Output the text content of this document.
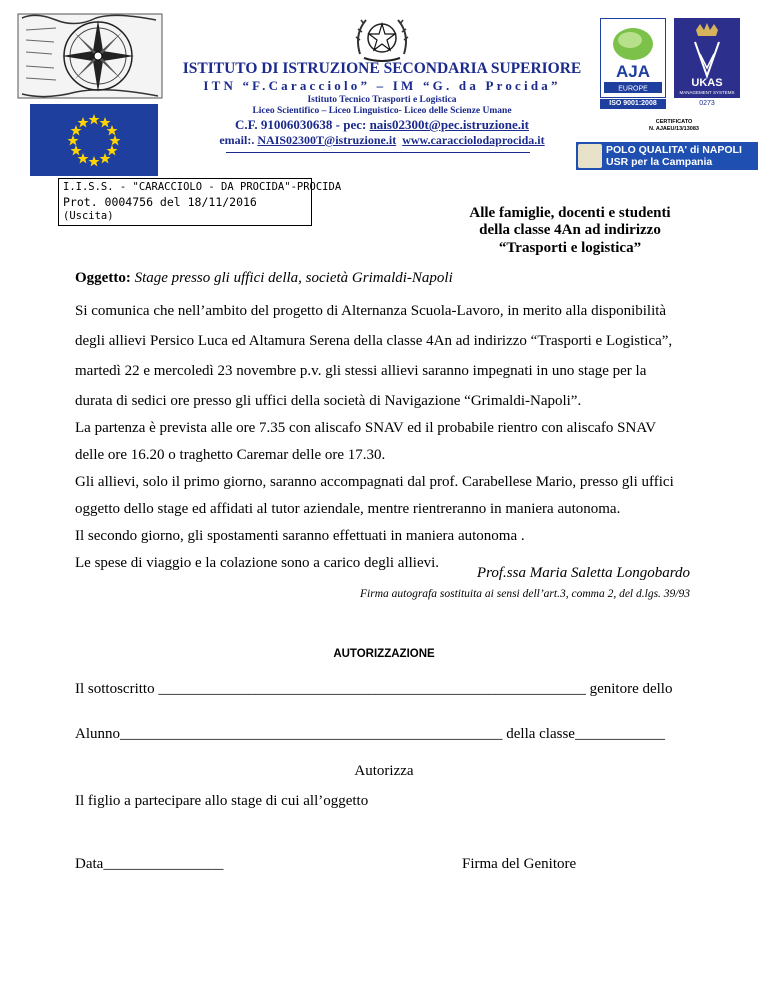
ISTITUTO DI ISTRUZIONE SECONDARIA SUPERIORE
ITN “F.Caracciolo” – IM “G. da Procida”
Istituto Tecnico Trasporti e Logistica
Liceo Scientifico – Liceo Linguistico- Liceo delle Scienze Umane
C.F. 91006030638 - pec: nais02300t@pec.istruzione.it
email:. NAIS02300T@istruzione.it www.caracciolodaprocida.it
AJA
EUROPE
ISO 9001:2008
UKAS
MANAGEMENT SYSTEMS
0273
CERTIFICATO
N. AJAEU/13/13083
POLO QUALITA' di NAPOLI
USR per la Campania
I.I.S.S. - "CARACCIOLO - DA PROCIDA"-PROCIDA
Prot. 0004756 del 18/11/2016
(Uscita)	Alle famiglie, docenti e studenti
della classe 4An ad indirizzo
“Trasporti e logistica”
Oggetto: Stage presso gli uffici della, società Grimaldi-Napoli
Si comunica che nell’ambito del progetto di Alternanza Scuola-Lavoro, in merito alla disponibilità
degli allievi Persico Luca ed Altamura Serena della classe 4An ad indirizzo “Trasporti e Logistica”,
martedì 22 e mercoledì 23 novembre p.v. gli stessi allievi saranno impegnati in uno stage per la
durata di sedici ore presso gli uffici della società di Navigazione “Grimaldi-Napoli”.
La partenza è prevista alle ore 7.35 con aliscafo SNAV ed il probabile rientro con aliscafo SNAV
delle ore 16.20 o traghetto Caremar delle ore 17.30.
Gli allievi, solo il primo giorno, saranno accompagnati dal prof. Carabellese Mario, presso gli uffici
oggetto dello stage ed affidati al tutor aziendale, mentre rientreranno in maniera autonoma.
Il secondo giorno, gli spostamenti saranno effettuati in maniera autonoma .
Le spese di viaggio e la colazione sono a carico degli allievi.
Prof.ssa Maria Saletta Longobardo
Firma autografa sostituita ai sensi dell’art.3, comma 2, del d.lgs. 39/93
AUTORIZZAZIONE
Il sottoscritto _________________________________________________________ genitore dello
Alunno___________________________________________________ della classe____________
Autorizza
Il figlio a partecipare allo stage di cui all’oggetto
Data________________	Firma del Genitore
